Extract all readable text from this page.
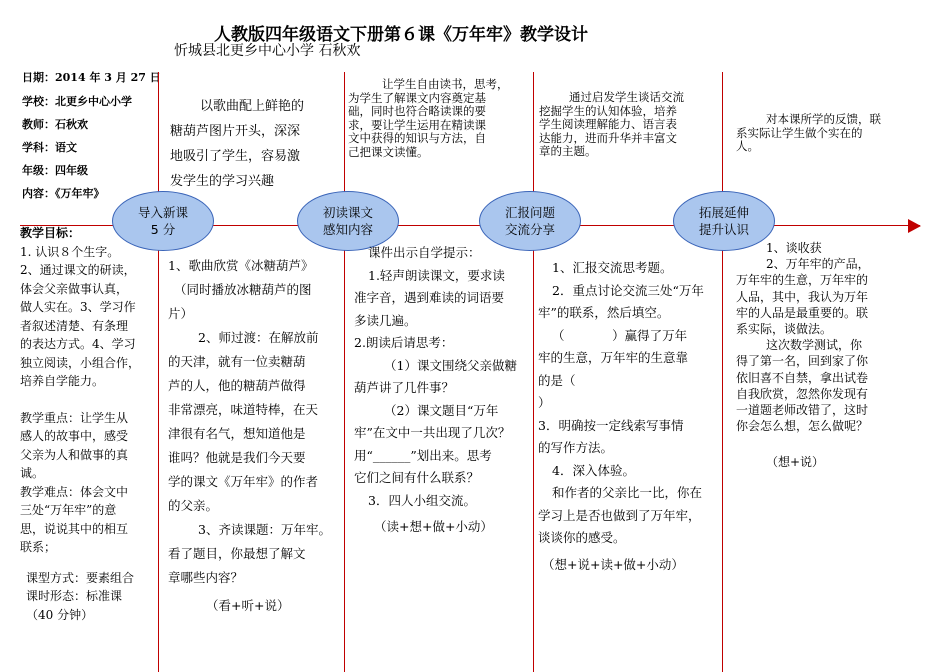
人教版四年级语文下册第６课《万年牢》教学设计
忻城县北更乡中心小学 石秋欢
日期：2014 年 3 月 27 日
学校：北更乡中心小学
教师：石秋欢
学科：语文
年级：四年级
内容：《万年牢》

教学目标：

1. 认识８个生字。

2、通过课文的研读，

体会父亲做事认真，

做人实在。3、学习作

者叙述清楚、有条理

的表达方式。4、学习

独立阅读，小组合作，

培养自学能力。

教学重点：让学生从

感人的故事中，感受

父亲为人和做事的真

诚。

教学难点：体会文中

三处“万年牢”的意

思，说说其中的相互

联系；

课型方式：要素组合

课时形态：标准课

（40 分钟）

以歌曲配上鲜艳的

糖葫芦图片开头，深深

地吸引了学生，容易激

发学生的学习兴趣

让学生自由读书，思考，

为学生了解课文内容奠定基

础，同时也符合略读课的要

求，要让学生运用在精读课

文中获得的知识与方法，自

己把课文读懂。

通过启发学生谈话交流

挖掘学生的认知体验，培养

学生阅读理解能力、语言表

达能力，进而升华并丰富文

章的主题。

对本课所学的反馈，联

系实际让学生做个实在的

人。

导入新课
5 分
初读课文
感知内容
汇报问题
交流分享
拓展延伸
提升认识

1、歌曲欣赏《冰糖葫芦》

（同时播放冰糖葫芦的图

片）

2、师过渡：在解放前

的天津，就有一位卖糖葫

芦的人，他的糖葫芦做得

非常漂亮，味道特棒，在天

津很有名气，想知道他是

谁吗？他就是我们今天要

学的课文《万年牢》的作者

的父亲。

3、齐读课题：万年牢。

看了题目，你最想了解文

章哪些内容？

（看+听+说）

课件出示自学提示：

1.轻声朗读课文，要求读

准字音，遇到难读的词语要

多读几遍。

2.朗读后请思考：

（1）课文围绕父亲做糖

葫芦讲了几件事？

（2）课文题目“万年

牢”在文中一共出现了几次？

用“______”划出来。思考

它们之间有什么联系？

3．四人小组交流。

（读+想+做+小动）

1、汇报交流思考题。

2．重点讨论交流三处“万年

牢”的联系，然后填空。

（            ）赢得了万年

牢的生意，万年牢的生意靠

的是（

）

3．明确按一定线索写事情

的写作方法。

4．深入体验。

和作者的父亲比一比，你在

学习上是否也做到了万年牢，

谈谈你的感受。

（想+说+读+做+小动）

1、谈收获

2、万年牢的产品，

万年牢的生意，万年牢的

人品，其中，我认为万年

牢的人品是最重要的。联

系实际，谈做法。

这次数学测试，你

得了第一名，回到家了你

依旧喜不自禁，拿出试卷

自我欣赏，忽然你发现有

一道题老师改错了，这时

你会怎么想，怎么做呢？

（想+说）
